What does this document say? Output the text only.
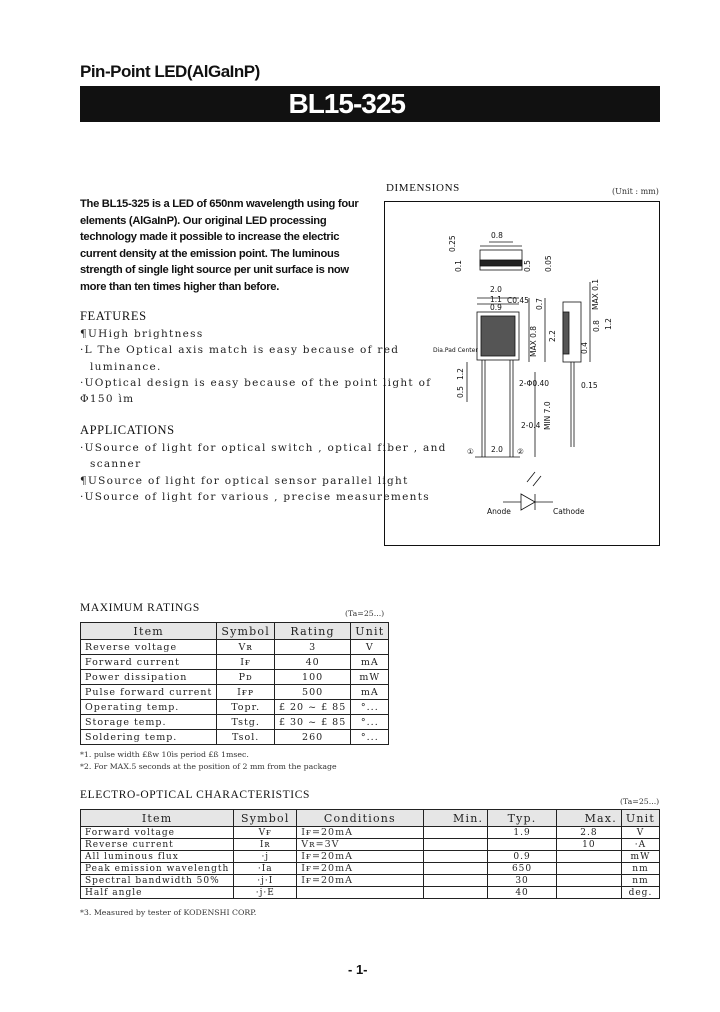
Pin-Point LED(AlGaInP)
BL15-325
The BL15-325 is a LED of 650nm wavelength using four elements (AlGaInP). Our original LED processing technology made it possible to increase the electric current density at the emission point. The luminous strength of single light source per unit surface is now more than ten times higher than before.
FEATURES
¶UHigh brightness
·L The Optical axis match is easy because of red
luminance.
·UOptical design is easy because of the point light of
Φ150 ìm
APPLICATIONS
·USource of light for optical switch , optical fiber , and
scanner
¶USource of light for optical sensor parallel light
·USource of light for various , precise measurements
DIMENSIONS	(Unit : mm)
0.8
0.25
0.1	0.5
2.0
1.1
0.9
C0.45 0.7
0.05
MAX 0.1
MAX 0.8 2.2
1.2
0.8
0.4
0.15
MIN 7.0
0.5
1.2
2-Φ0.40
2-0.4
2.0
Dia.Pad Center
①	②
Anode	Cathode
MAXIMUM RATINGS	(Ta=25...)
Item	Symbol	Rating	Unit
Reverse voltage	Vʀ	3	V
Forward current	Iғ	40	mA
Power dissipation	Pᴅ	100	mW
Pulse forward current	Iғᴘ	500	mA
Operating temp.	Topr.	£ 20 ~ £ 85	°...
Storage temp.	Tstg.	£ 30 ~ £ 85	°...
Soldering temp.	Tsol.	260	°...
*1. pulse width £ßw 10ìs period £ß 1msec.
*2. For MAX.5 seconds at the position of 2 mm from the package
ELECTRO-OPTICAL CHARACTERISTICS
(Ta=25...)
Item	Symbol	Conditions	Min.	Typ.	Max.	Unit
Forward voltage	Vғ	Iғ=20mA		1.9	2.8	V
Reverse current	Iʀ	Vʀ=3V			10	·A
All luminous flux	·j	Iғ=20mA		0.9		mW
Peak emission wavelength	·Ia	Iғ=20mA		650		nm
Spectral bandwidth 50%	·j·I	Iғ=20mA		30		nm
Half angle	·j·E			40		deg.
*3. Measured by tester of KODENSHI CORP.
- 1-
